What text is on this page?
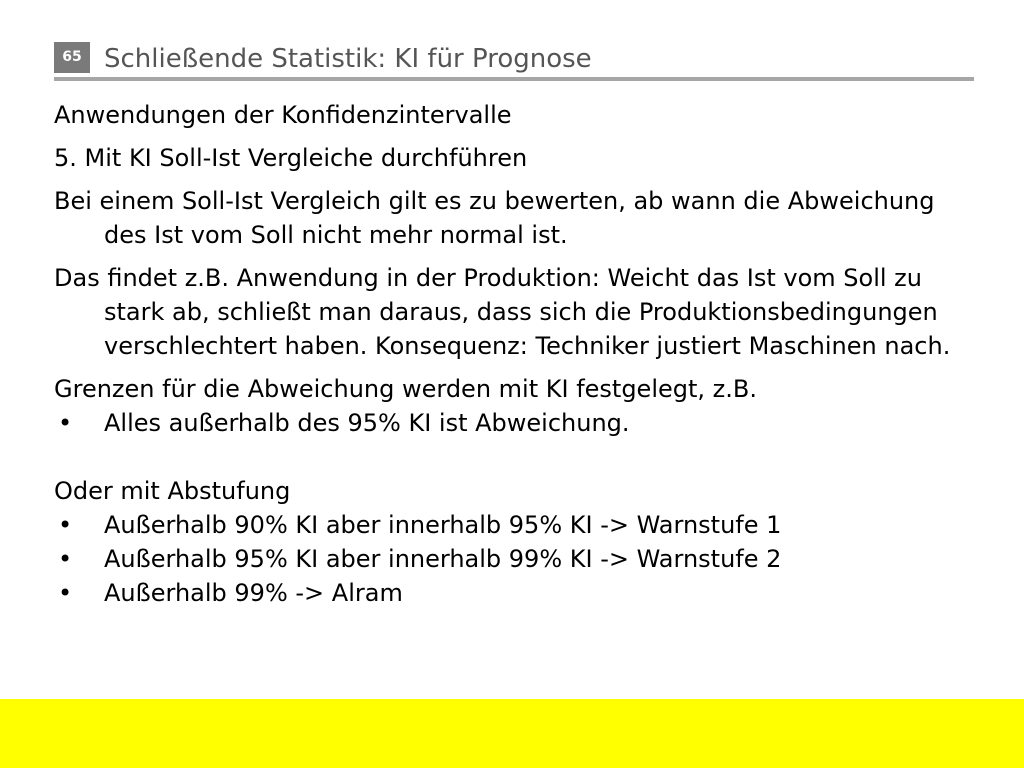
65 Schließende Statistik: KI für Prognose

Anwendungen der Konfidenzintervalle

5. Mit KI Soll-Ist Vergleiche durchführen

Bei einem Soll-Ist Vergleich gilt es zu bewerten, ab wann die Abweichung des Ist vom Soll nicht mehr normal ist.

Das findet z.B. Anwendung in der Produktion: Weicht das Ist vom Soll zu stark ab, schließt man daraus, dass sich die Produktionsbedingungen verschlechtert haben. Konsequenz: Techniker justiert Maschinen nach.

Grenzen für die Abweichung werden mit KI festgelegt, z.B.

• Alles außerhalb des 95% KI ist Abweichung.

Oder mit Abstufung

• Außerhalb 90% KI aber innerhalb 95% KI -> Warnstufe 1
• Außerhalb 95% KI aber innerhalb 99% KI -> Warnstufe 2
• Außerhalb 99% -> Alram
